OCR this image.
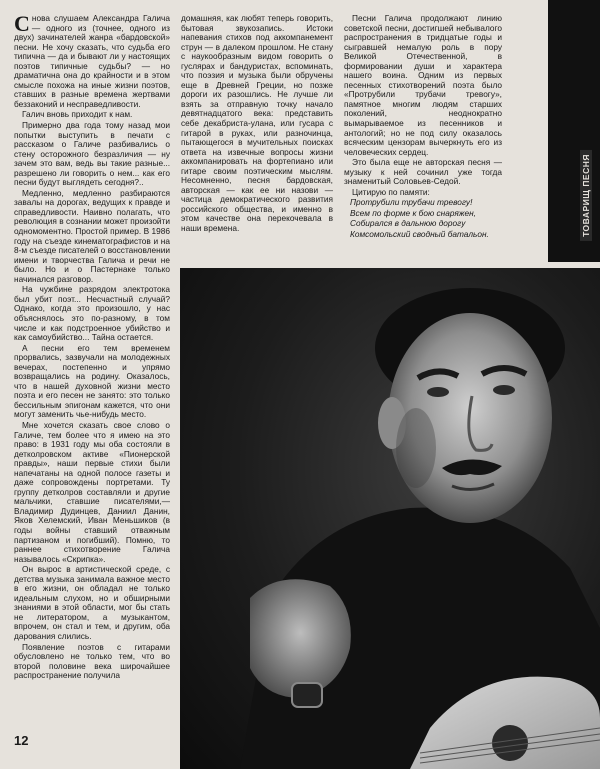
ТОВАРИЩ ПЕСНЯ

Снова слушаем Александра Галича — одного из (точнее, одного из двух) зачинателей жанра «бардовской» песни. Не хочу сказать, что судьба его типична — да и бывают ли у настоящих поэтов типичные судьбы? — но драматична она до крайности и в этом смысле похожа на иные жизни поэтов, ставших в разные времена жертвами беззаконий и несправедливости.

Галич вновь приходит к нам.

Примерно два года тому назад мои попытки выступить в печати с рассказом о Галиче разбивались о стену осторожного безразличия — ну зачем это вам, ведь вы такие разные... разрешено ли говорить о нем... как его песни будут выглядеть сегодня?..

Медленно, медленно разбираются завалы на дорогах, ведущих к правде и справедливости. Наивно полагать, что революция в сознании может произойти одномоментно. Простой пример. В 1986 году на съезде кинематографистов и на 8-м съезде писателей о восстановлении имени и творчества Галича и речи не было. Но и о Пастернаке только начинался разговор.

На чужбине разрядом электротока был убит поэт... Несчастный случай? Однако, когда это произошло, у нас объяснялось это по-разному, в том числе и как подстроенное убийство и как самоубийство... Тайна остается.

А песни его тем временем прорвались, зазвучали на молодежных вечерах, постепенно и упрямо возвращались на родину. Оказалось, что в нашей духовной жизни место поэта и его песен не занято: это только бессильным эпигонам кажется, что они могут заменить чье-нибудь место.

Мне хочется сказать свое слово о Галиче, тем более что я имею на это право: в 1931 году мы оба состояли в детколровском активе «Пионерской правды», наши первые стихи были напечатаны на одной полосе газеты и даже сопровождены портретами. Ту группу детколров составляли и другие мальчики, ставшие писателями,— Владимир Дудинцев, Даниил Данин, Яков Хелемский, Иван Меньшиков (в годы войны ставший отважным партизаном и погибший). Помню, то раннее стихотворение Галича называлось «Скрипка».

Он вырос в артистической среде, с детства музыка занимала важное место в его жизни, он обладал не только идеальным слухом, но и обширными знаниями в этой области, мог бы стать не литератором, а музыкантом, впрочем, он стал и тем, и другим, оба дарования слились.

Появление поэтов с гитарами обусловлено не только тем, что во второй половине века широчайшее распространение получила

домашняя, как любят теперь говорить, бытовая звукозапись. Истоки напевания стихов под аккомпанемент струн — в далеком прошлом. Не стану с наукообразным видом говорить о гуслярах и бандуристах, вспоминать, что поэзия и музыка были обручены еще в Древней Греции, но позже дороги их разошлись. Не лучше ли взять за отправную точку начало девятнадцатого века: представить себе декабриста-улана, или гусара с гитарой в руках, или разночинца, пытающегося в мучительных поисках ответа на извечные вопросы жизни аккомпанировать на фортепиано или гитаре своим поэтическим мыслям. Несомненно, песня бардовская, авторская — как ее ни назови — частица демократического развития российского общества, и именно в этом качестве она перекочевала в наши времена.

Песни Галича продолжают линию советской песни, достигшей небывалого распространения в тридцатые годы и сыгравшей немалую роль в пору Великой Отечественной, в формировании души и характера нашего воина. Одним из первых песенных стихотворений поэта было «Протрубили трубачи тревогу», памятное многим людям старших поколений, неоднократно вымарываемое из песенников и антологий; но не под силу оказалось всяческим цензорам вычеркнуть его из человеческих сердец.

Это была еще не авторская песня — музыку к ней сочинил уже тогда знаменитый Соловьев-Седой.

Цитирую по памяти:

Протрубили трубачи тревогу!

Всем по форме к бою снаряжен,

Собирался в дальнюю дорогу

Комсомольский сводный батальон.

12
